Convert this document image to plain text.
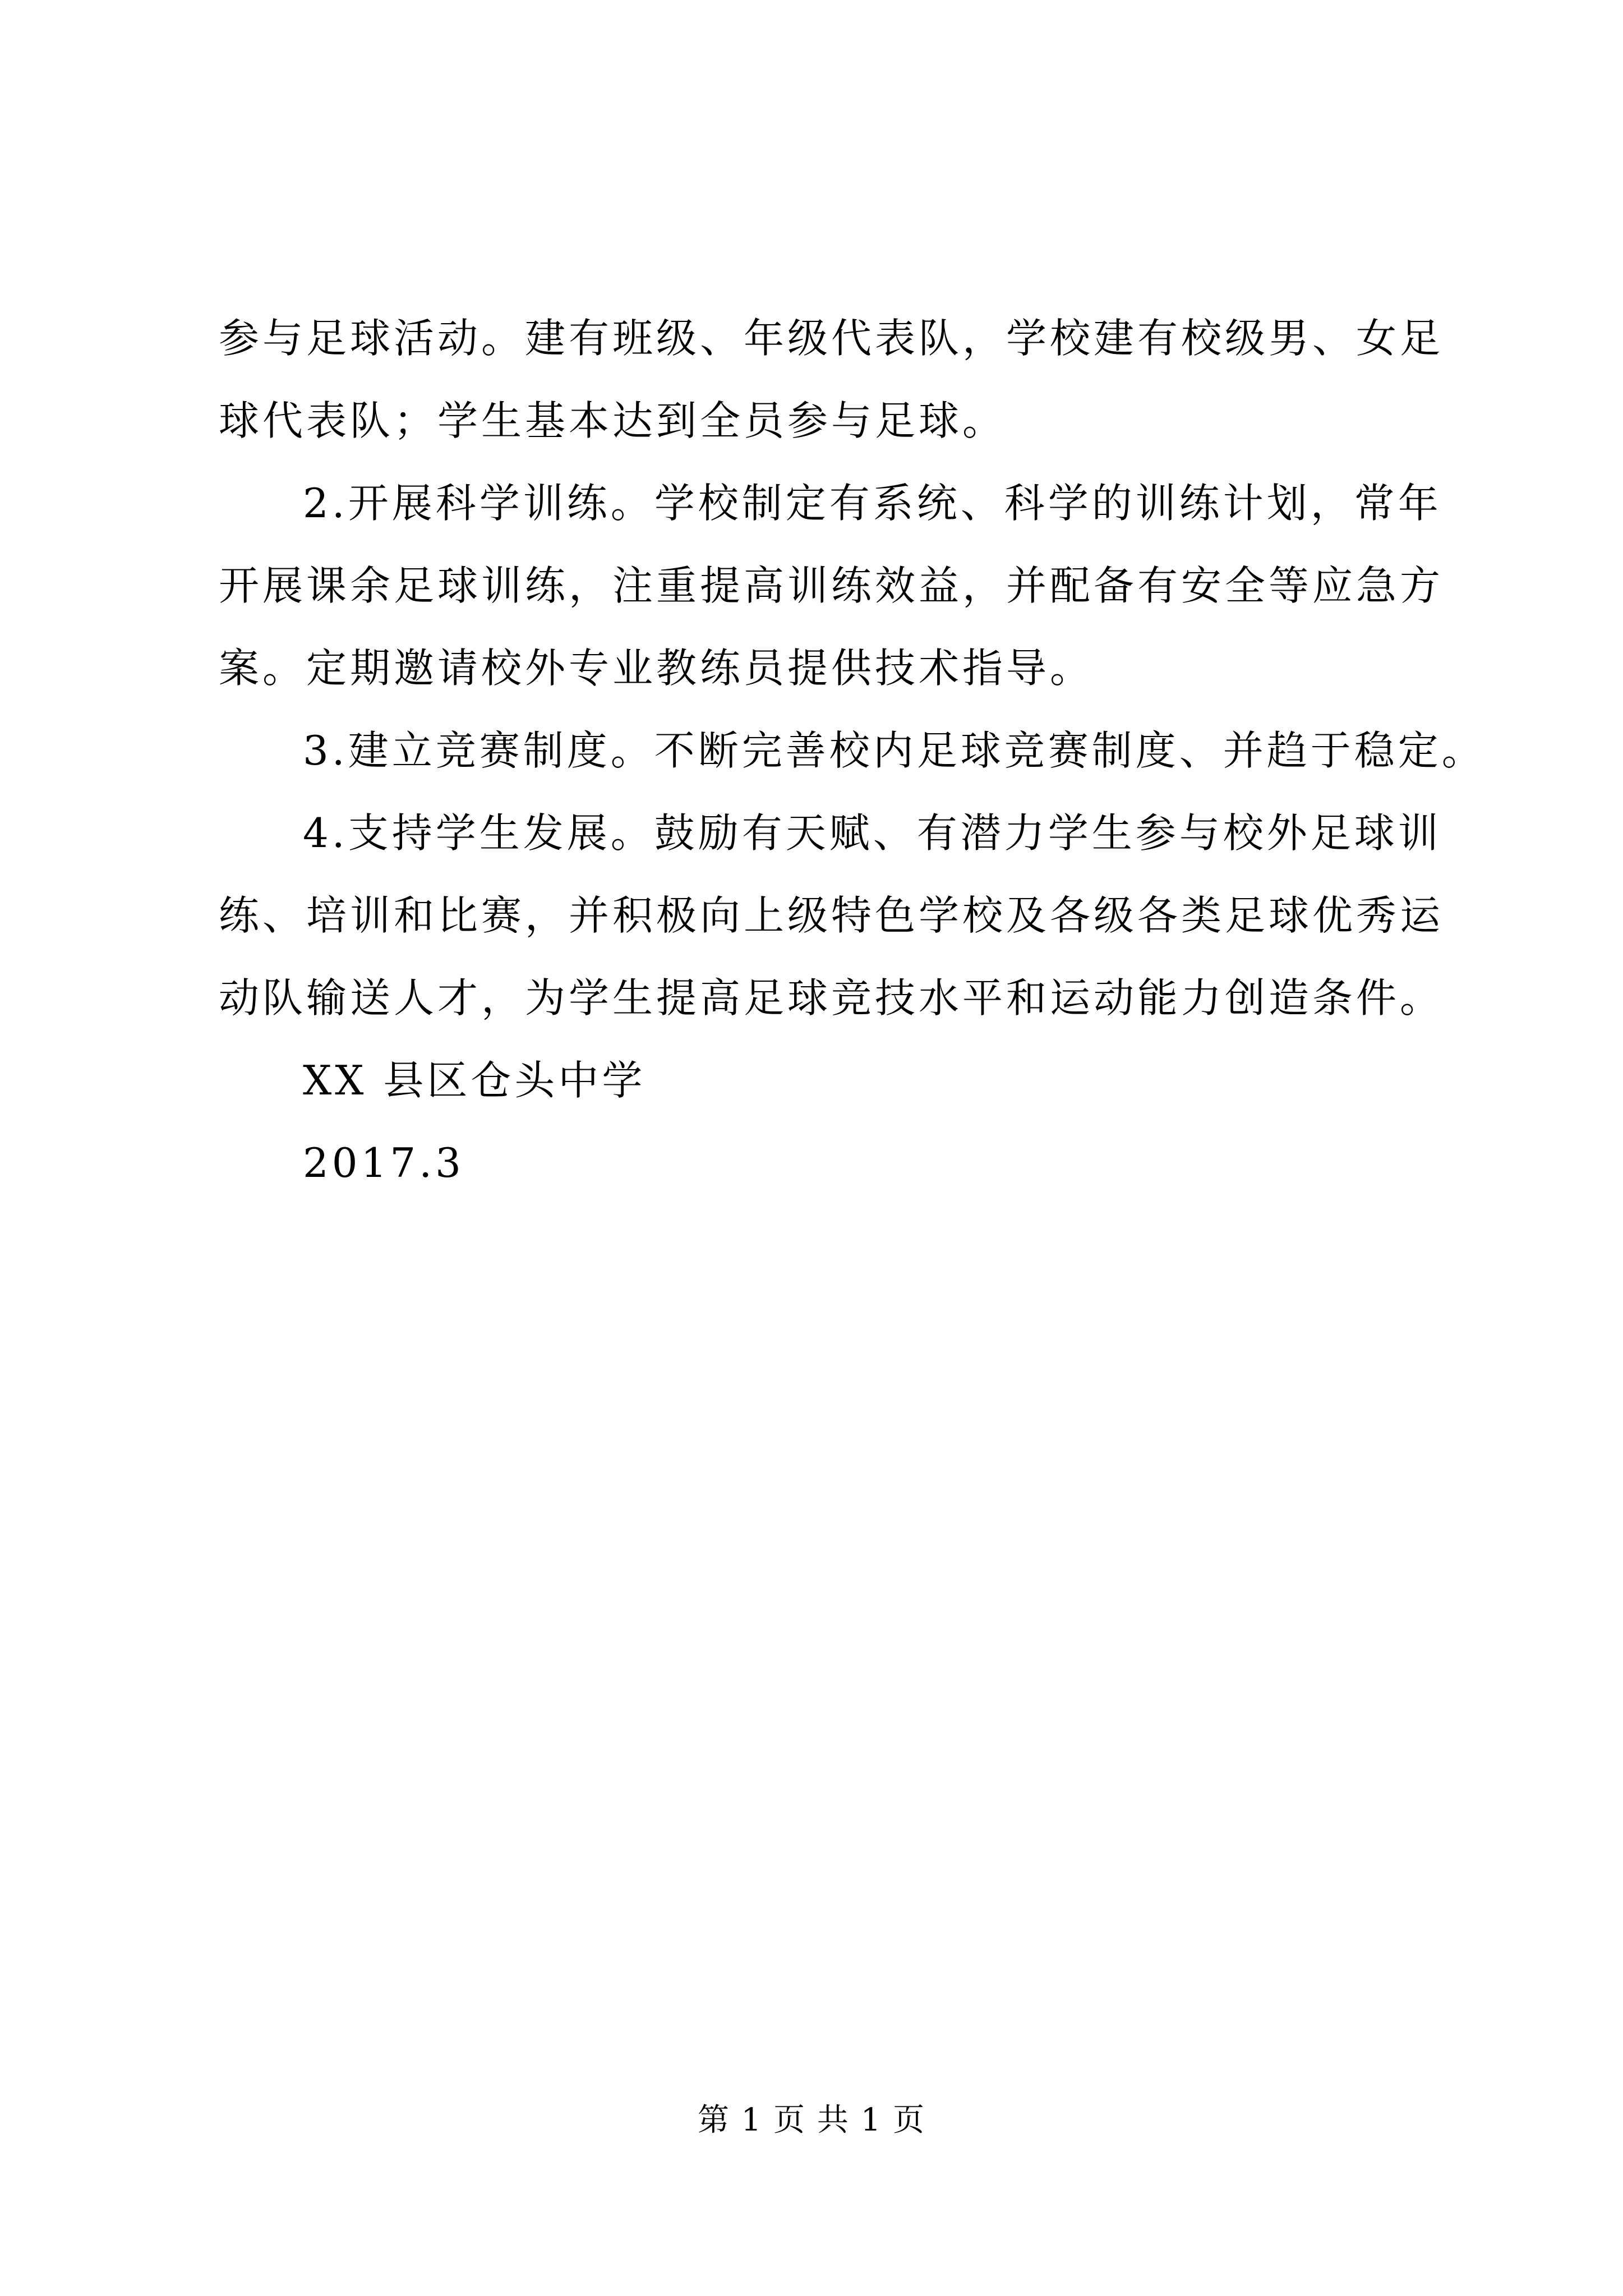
参与足球活动。建有班级、年级代表队，学校建有校级男、女足
球代表队；学生基本达到全员参与足球。
2.开展科学训练。学校制定有系统、科学的训练计划，常年
开展课余足球训练，注重提高训练效益，并配备有安全等应急方
案。定期邀请校外专业教练员提供技术指导。
3.建立竞赛制度。不断完善校内足球竞赛制度、并趋于稳定。
4.支持学生发展。鼓励有天赋、有潜力学生参与校外足球训
练、培训和比赛，并积极向上级特色学校及各级各类足球优秀运
动队输送人才，为学生提高足球竞技水平和运动能力创造条件。
XX 县区仓头中学
2017.3
第 1 页 共 1 页
